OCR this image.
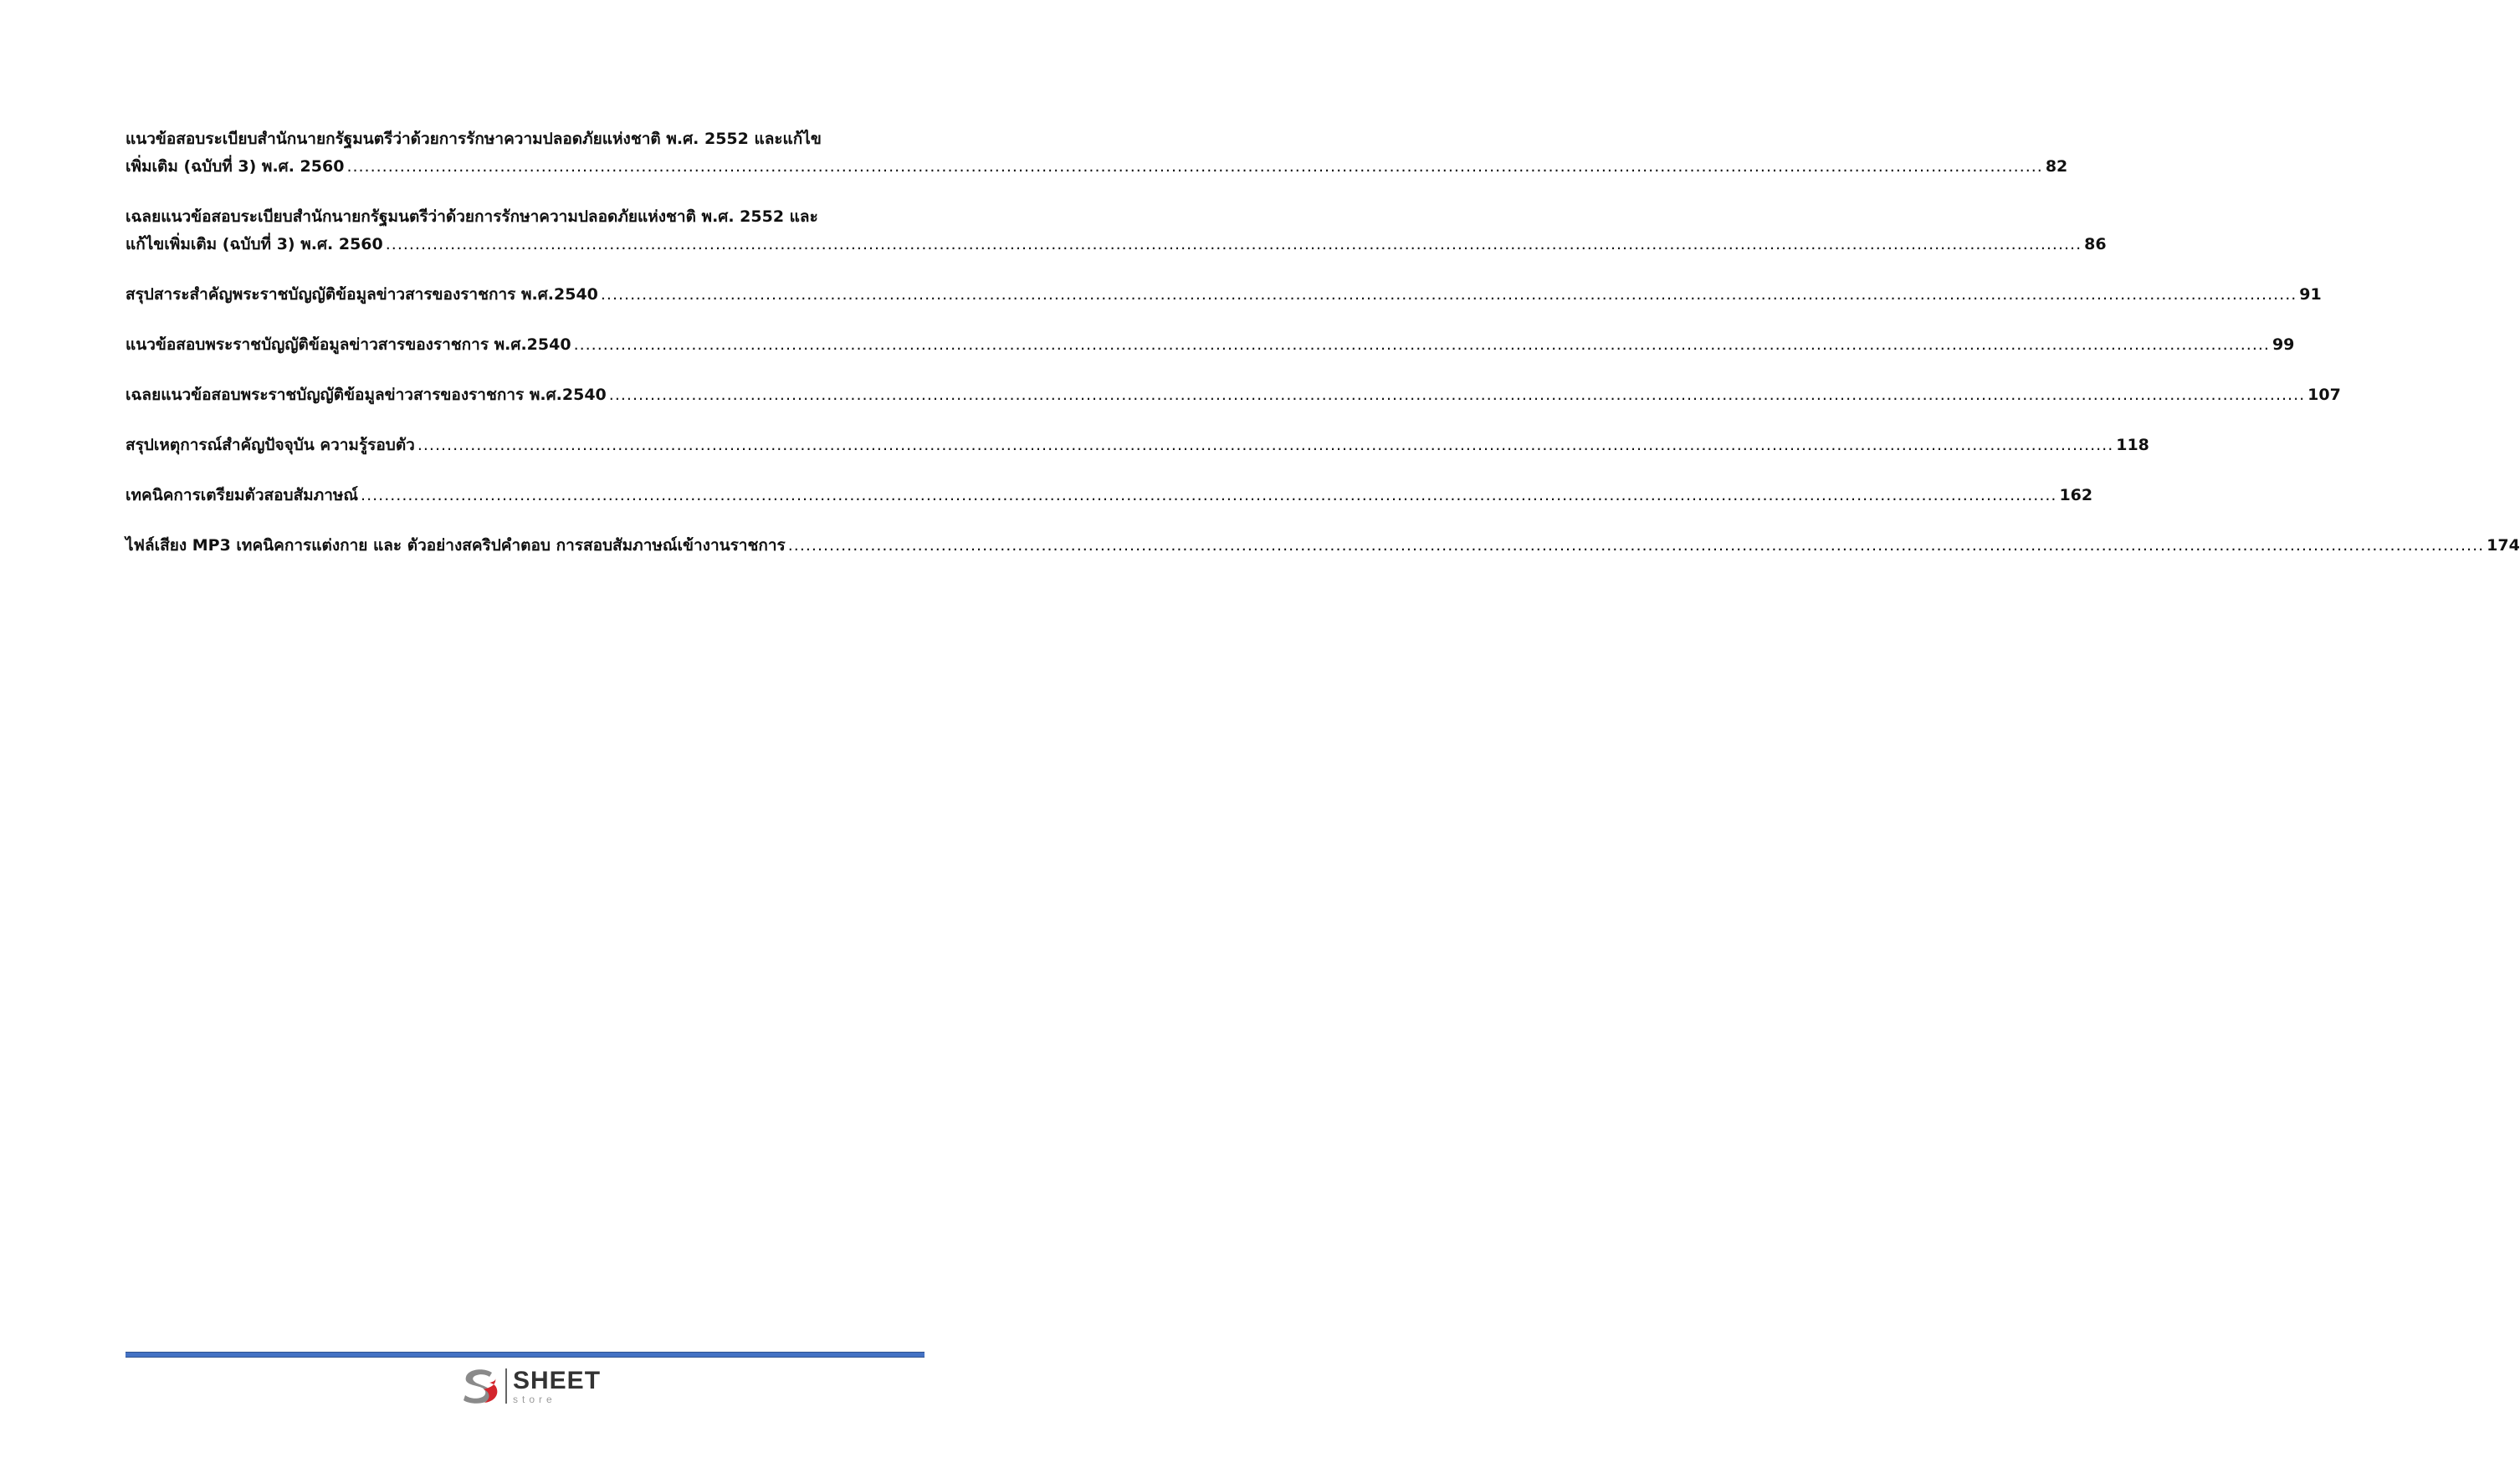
แนวข้อสอบระเบียบสำนักนายกรัฐมนตรีว่าด้วยการรักษาความปลอดภัยแห่งชาติ พ.ศ. 2552 และแก้ไข
เพิ่มเติม (ฉบับที่ 3) พ.ศ. 2560 .....	82
เฉลยแนวข้อสอบระเบียบสำนักนายกรัฐมนตรีว่าด้วยการรักษาความปลอดภัยแห่งชาติ พ.ศ. 2552 และ
แก้ไขเพิ่มเติม (ฉบับที่ 3) พ.ศ. 2560 .....	86
สรุปสาระสำคัญพระราชบัญญัติข้อมูลข่าวสารของราชการ พ.ศ.2540 .....	91
แนวข้อสอบพระราชบัญญัติข้อมูลข่าวสารของราชการ พ.ศ.2540 .....	99
เฉลยแนวข้อสอบพระราชบัญญัติข้อมูลข่าวสารของราชการ พ.ศ.2540 .....	107
สรุปเหตุการณ์สำคัญปัจจุบัน ความรู้รอบตัว .....	118
เทคนิคการเตรียมตัวสอบสัมภาษณ์ .....	162
ไฟล์เสียง MP3 เทคนิคการแต่งกาย และ ตัวอย่างสคริปคำตอบ การสอบสัมภาษณ์เข้างานราชการ .....	174
SHEET
store
